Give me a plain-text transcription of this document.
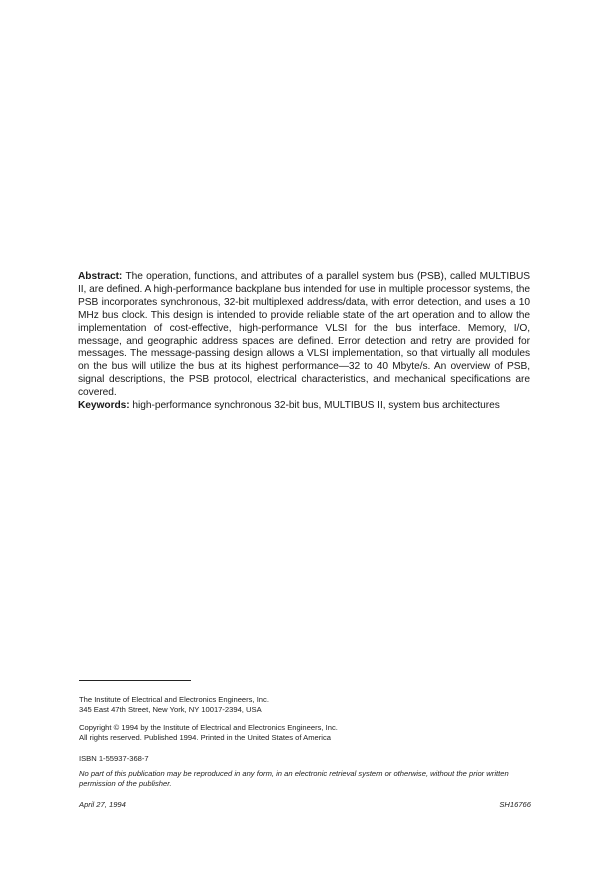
Abstract: The operation, functions, and attributes of a parallel system bus (PSB), called MULTIBUS II, are defined. A high-performance backplane bus intended for use in multiple processor systems, the PSB incorporates synchronous, 32-bit multiplexed address/data, with error detection, and uses a 10 MHz bus clock. This design is intended to provide reliable state of the art operation and to allow the implementation of cost-effective, high-performance VLSI for the bus interface. Memory, I/O, message, and geographic address spaces are defined. Error detection and retry are provided for messages. The message-passing design allows a VLSI implementation, so that virtually all modules on the bus will utilize the bus at its highest performance—32 to 40 Mbyte/s. An overview of PSB, signal descriptions, the PSB protocol, electrical characteristics, and mechanical specifications are covered.

Keywords: high-performance synchronous 32-bit bus, MULTIBUS II, system bus architectures

The Institute of Electrical and Electronics Engineers, Inc.

345 East 47th Street, New York, NY 10017-2394, USA

Copyright © 1994 by the Institute of Electrical and Electronics Engineers, Inc.

All rights reserved. Published 1994. Printed in the United States of America

ISBN 1-55937-368-7

No part of this publication may be reproduced in any form, in an electronic retrieval system or otherwise, without the prior written permission of the publisher.

April 27, 1994	SH16766
